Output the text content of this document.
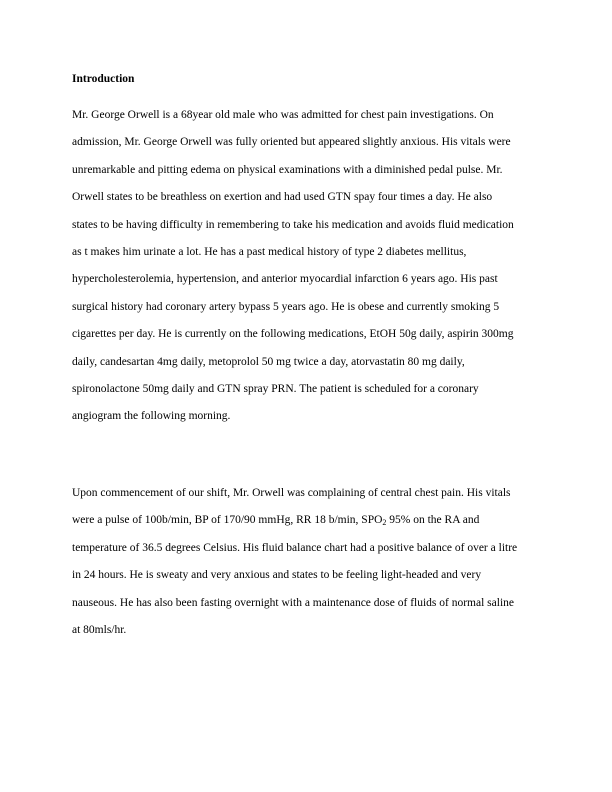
Introduction

Mr. George Orwell is a 68year old male who was admitted for chest pain investigations. On
admission, Mr. George Orwell was fully oriented but appeared slightly anxious. His vitals were
unremarkable and pitting edema on physical examinations with a diminished pedal pulse. Mr.
Orwell states to be breathless on exertion and had used GTN spay four times a day. He also
states to be having difficulty in remembering to take his medication and avoids fluid medication
as t makes him urinate a lot. He has a past medical history of type 2 diabetes mellitus,
hypercholesterolemia, hypertension, and anterior myocardial infarction 6 years ago. His past
surgical history had coronary artery bypass 5 years ago. He is obese and currently smoking 5
cigarettes per day. He is currently on the following medications, EtOH 50g daily, aspirin 300mg
daily, candesartan 4mg daily, metoprolol 50 mg twice a day, atorvastatin 80 mg daily,
spironolactone 50mg daily and GTN spray PRN. The patient is scheduled for a coronary
angiogram the following morning.

Upon commencement of our shift, Mr. Orwell was complaining of central chest pain. His vitals
were a pulse of 100b/min, BP of 170/90 mmHg, RR 18 b/min, $SPO_2$ 95% on the RA and
temperature of 36.5 degrees Celsius. His fluid balance chart had a positive balance of over a litre
in 24 hours. He is sweaty and very anxious and states to be feeling light-headed and very
nauseous. He has also been fasting overnight with a maintenance dose of fluids of normal saline
at 80mls/hr.
